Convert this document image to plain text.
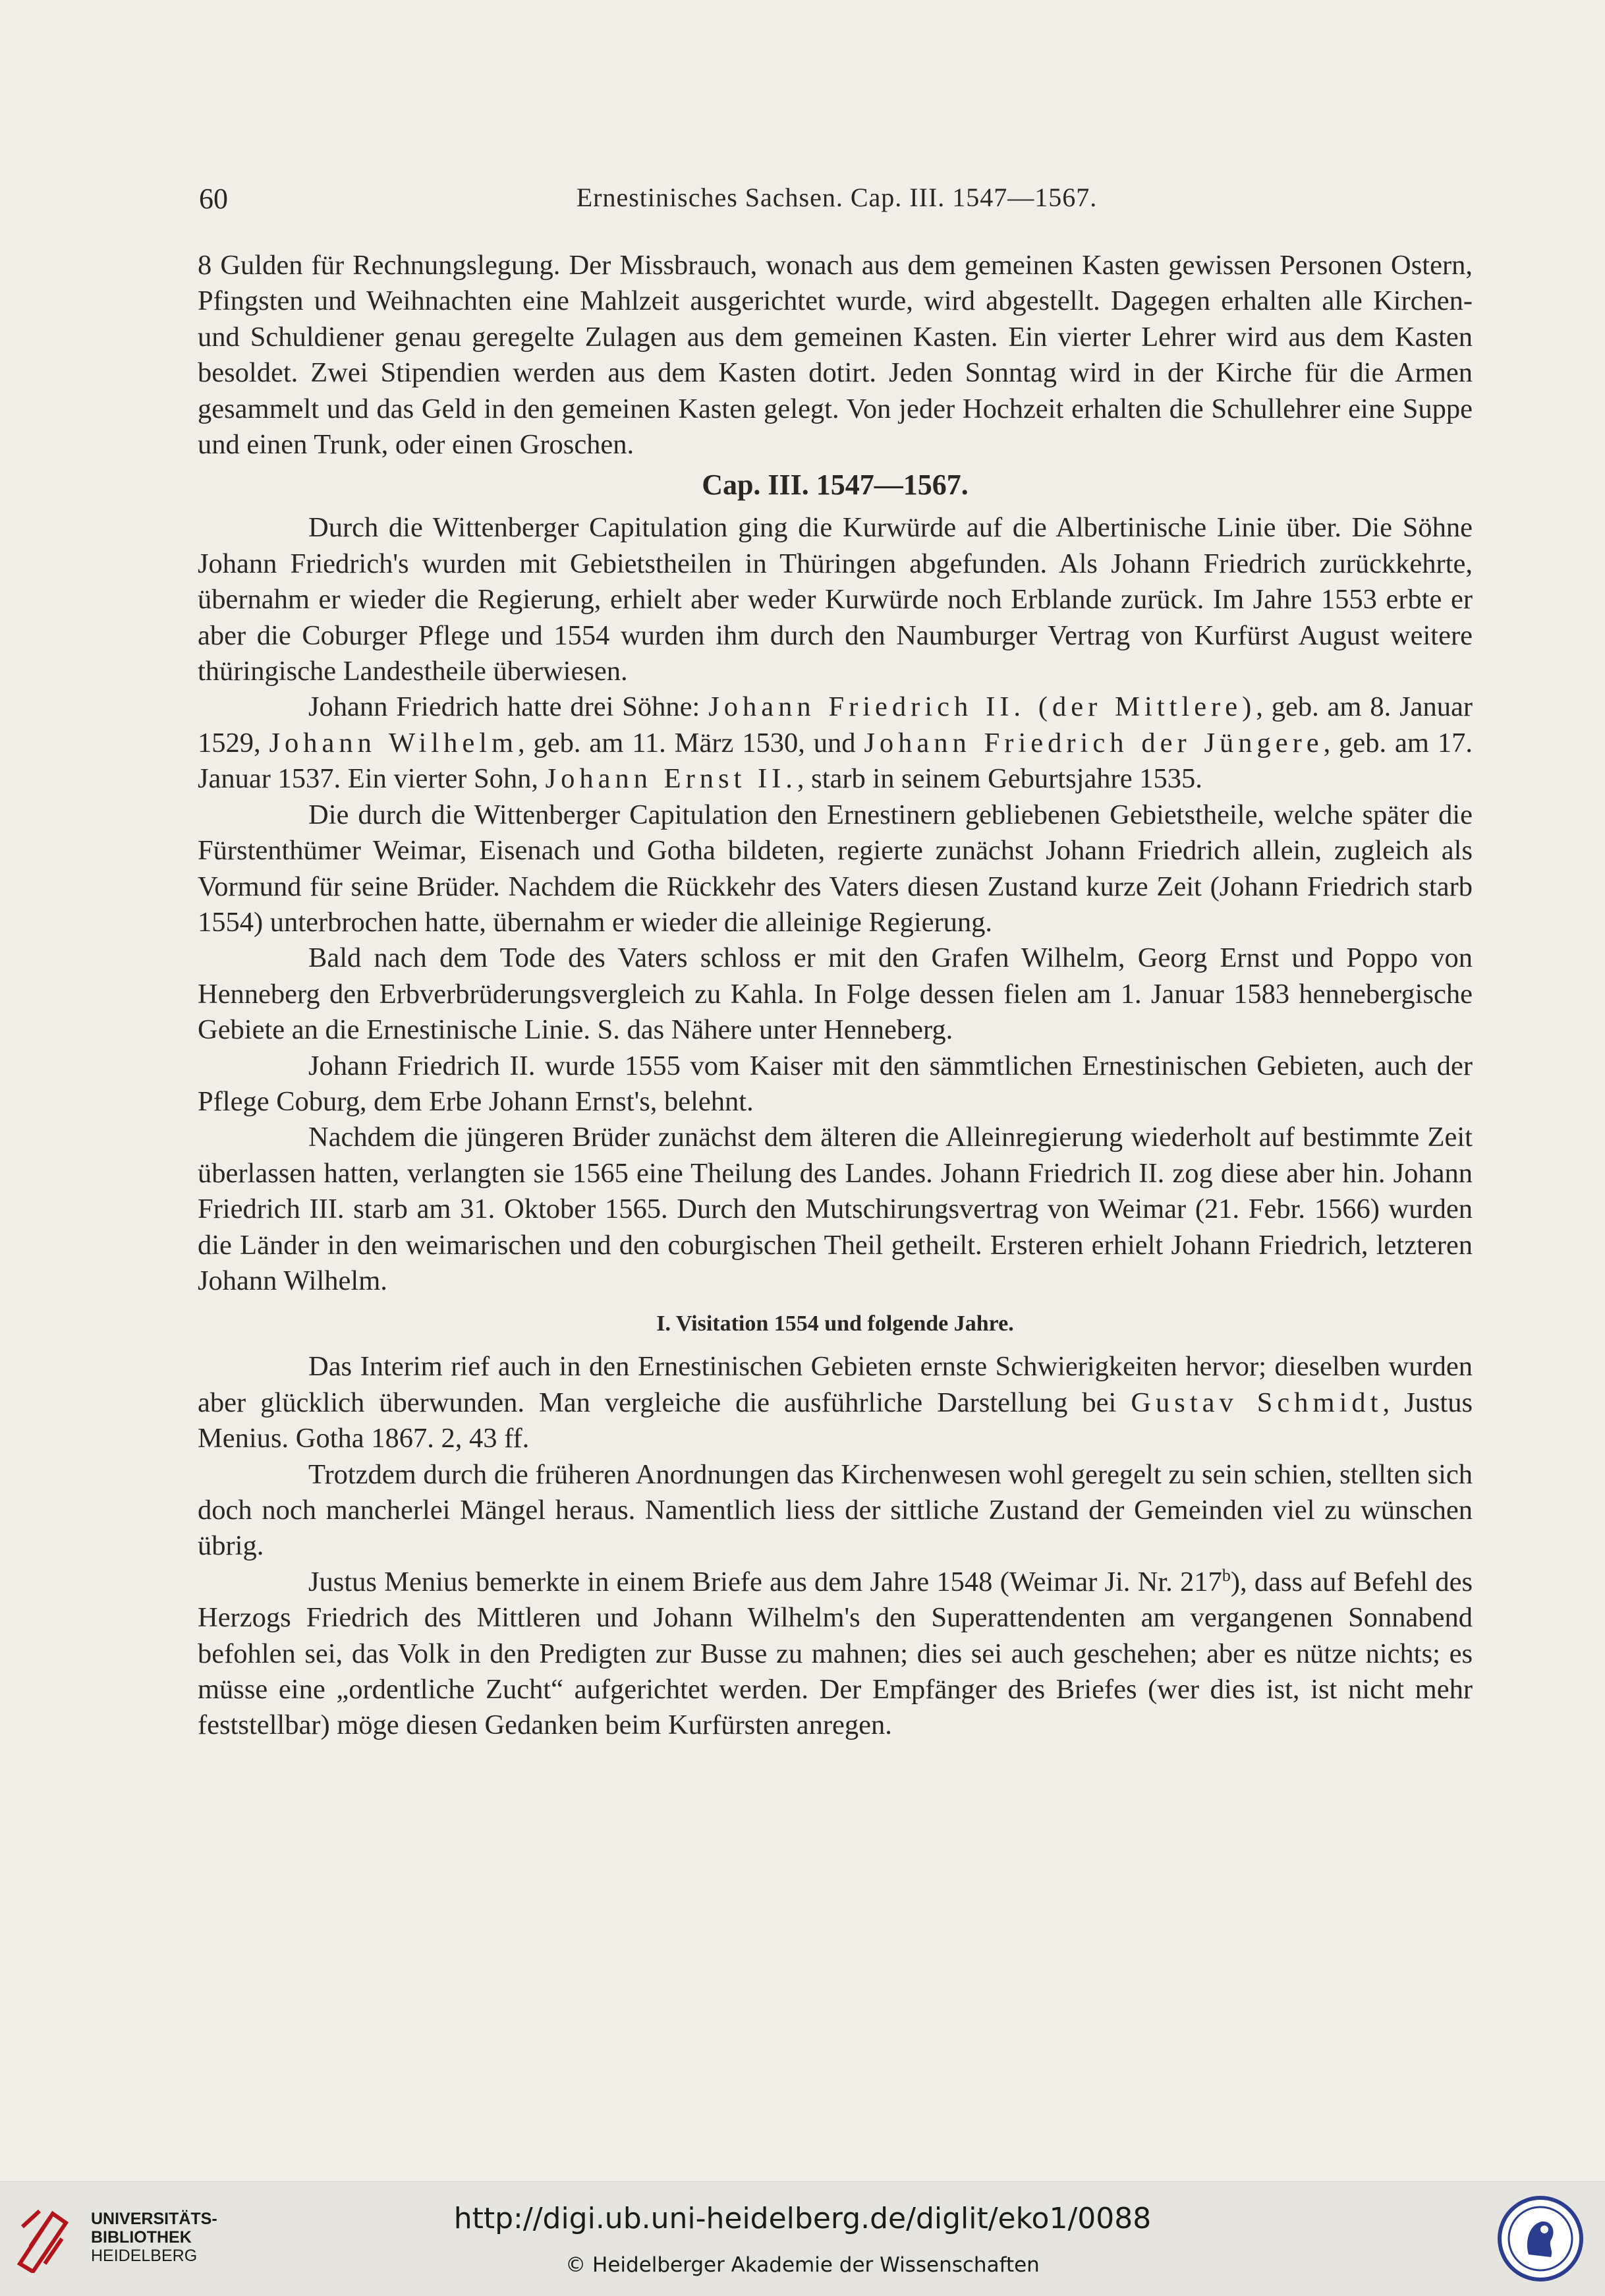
60	Ernestinisches Sachsen. Cap. III. 1547—1567.

8 Gulden für Rechnungslegung. Der Missbrauch, wonach aus dem gemeinen Kasten gewissen Personen Ostern, Pfingsten und Weihnachten eine Mahlzeit ausgerichtet wurde, wird abgestellt. Dagegen erhalten alle Kirchen- und Schuldiener genau geregelte Zulagen aus dem gemeinen Kasten. Ein vierter Lehrer wird aus dem Kasten besoldet. Zwei Stipendien werden aus dem Kasten dotirt. Jeden Sonntag wird in der Kirche für die Armen gesammelt und das Geld in den gemeinen Kasten gelegt. Von jeder Hochzeit erhalten die Schullehrer eine Suppe und einen Trunk, oder einen Groschen.

Cap. III. 1547—1567.

Durch die Wittenberger Capitulation ging die Kurwürde auf die Albertinische Linie über. Die Söhne Johann Friedrich's wurden mit Gebietstheilen in Thüringen abgefunden. Als Johann Friedrich zurückkehrte, übernahm er wieder die Regierung, erhielt aber weder Kurwürde noch Erblande zurück. Im Jahre 1553 erbte er aber die Coburger Pflege und 1554 wurden ihm durch den Naumburger Vertrag von Kurfürst August weitere thüringische Landestheile überwiesen.

Johann Friedrich hatte drei Söhne: Johann Friedrich II. (der Mittlere), geb. am 8. Januar 1529, Johann Wilhelm, geb. am 11. März 1530, und Johann Friedrich der Jüngere, geb. am 17. Januar 1537. Ein vierter Sohn, Johann Ernst II., starb in seinem Geburtsjahre 1535.

Die durch die Wittenberger Capitulation den Ernestinern gebliebenen Gebietstheile, welche später die Fürstenthümer Weimar, Eisenach und Gotha bildeten, regierte zunächst Johann Friedrich allein, zugleich als Vormund für seine Brüder. Nachdem die Rückkehr des Vaters diesen Zustand kurze Zeit (Johann Friedrich starb 1554) unterbrochen hatte, übernahm er wieder die alleinige Regierung.

Bald nach dem Tode des Vaters schloss er mit den Grafen Wilhelm, Georg Ernst und Poppo von Henneberg den Erbverbrüderungsvergleich zu Kahla. In Folge dessen fielen am 1. Januar 1583 hennebergische Gebiete an die Ernestinische Linie. S. das Nähere unter Henneberg.

Johann Friedrich II. wurde 1555 vom Kaiser mit den sämmtlichen Ernestinischen Gebieten, auch der Pflege Coburg, dem Erbe Johann Ernst's, belehnt.

Nachdem die jüngeren Brüder zunächst dem älteren die Alleinregierung wiederholt auf bestimmte Zeit überlassen hatten, verlangten sie 1565 eine Theilung des Landes. Johann Friedrich II. zog diese aber hin. Johann Friedrich III. starb am 31. Oktober 1565. Durch den Mutschirungsvertrag von Weimar (21. Febr. 1566) wurden die Länder in den weimarischen und den coburgischen Theil getheilt. Ersteren erhielt Johann Friedrich, letzteren Johann Wilhelm.

I. Visitation 1554 und folgende Jahre.

Das Interim rief auch in den Ernestinischen Gebieten ernste Schwierigkeiten hervor; dieselben wurden aber glücklich überwunden. Man vergleiche die ausführliche Darstellung bei Gustav Schmidt, Justus Menius. Gotha 1867. 2, 43 ff.

Trotzdem durch die früheren Anordnungen das Kirchenwesen wohl geregelt zu sein schien, stellten sich doch noch mancherlei Mängel heraus. Namentlich liess der sittliche Zustand der Gemeinden viel zu wünschen übrig.

Justus Menius bemerkte in einem Briefe aus dem Jahre 1548 (Weimar Ji. Nr. 217$^b$), dass auf Befehl des Herzogs Friedrich des Mittleren und Johann Wilhelm's den Superattendenten am vergangenen Sonnabend befohlen sei, das Volk in den Predigten zur Busse zu mahnen; dies sei auch geschehen; aber es nütze nichts; es müsse eine „ordentliche Zucht“ aufgerichtet werden. Der Empfänger des Briefes (wer dies ist, ist nicht mehr feststellbar) möge diesen Gedanken beim Kurfürsten anregen.

UNIVERSITÄTS-
BIBLIOTHEK
HEIDELBERG
http://digi.ub.uni-heidelberg.de/diglit/eko1/0088
© Heidelberger Akademie der Wissenschaften
